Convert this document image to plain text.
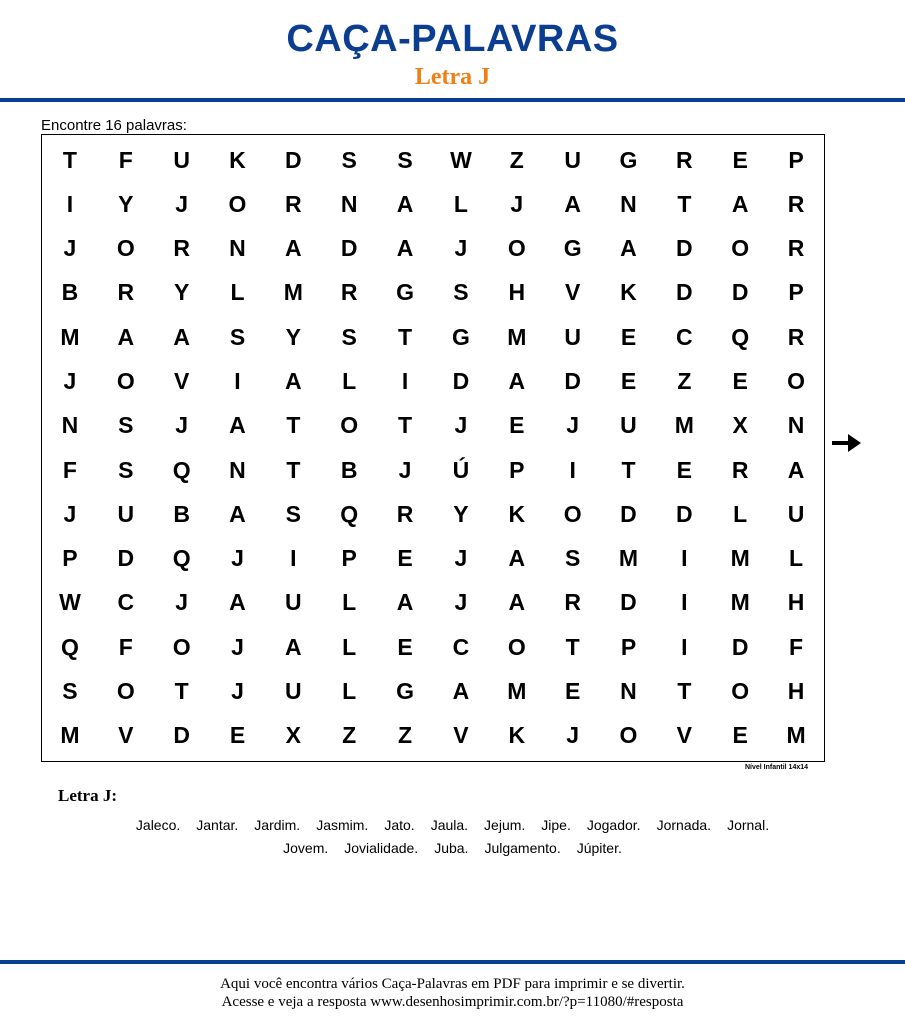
CAÇA-PALAVRAS
Letra J
Encontre 16 palavras:
T	F	U	K	D	S	S	W	Z	U	G	R	E	P
I	Y	J	O	R	N	A	L	J	A	N	T	A	R
J	O	R	N	A	D	A	J	O	G	A	D	O	R
B	R	Y	L	M	R	G	S	H	V	K	D	D	P
M	A	A	S	Y	S	T	G	M	U	E	C	Q	R
J	O	V	I	A	L	I	D	A	D	E	Z	E	O
N	S	J	A	T	O	T	J	E	J	U	M	X	N
F	S	Q	N	T	B	J	Ú	P	I	T	E	R	A
J	U	B	A	S	Q	R	Y	K	O	D	D	L	U
P	D	Q	J	I	P	E	J	A	S	M	I	M	L
W	C	J	A	U	L	A	J	A	R	D	I	M	H
Q	F	O	J	A	L	E	C	O	T	P	I	D	F
S	O	T	J	U	L	G	A	M	E	N	T	O	H
M	V	D	E	X	Z	Z	V	K	J	O	V	E	M
Nível Infantil 14x14
Letra J:
Jaleco. Jantar. Jardim. Jasmim. Jato. Jaula. Jejum. Jipe. Jogador. Jornada. Jornal.
Jovem. Jovialidade. Juba. Julgamento. Júpiter.
Aqui você encontra vários Caça-Palavras em PDF para imprimir e se divertir.
Acesse e veja a resposta www.desenhosimprimir.com.br/?p=11080/#resposta
